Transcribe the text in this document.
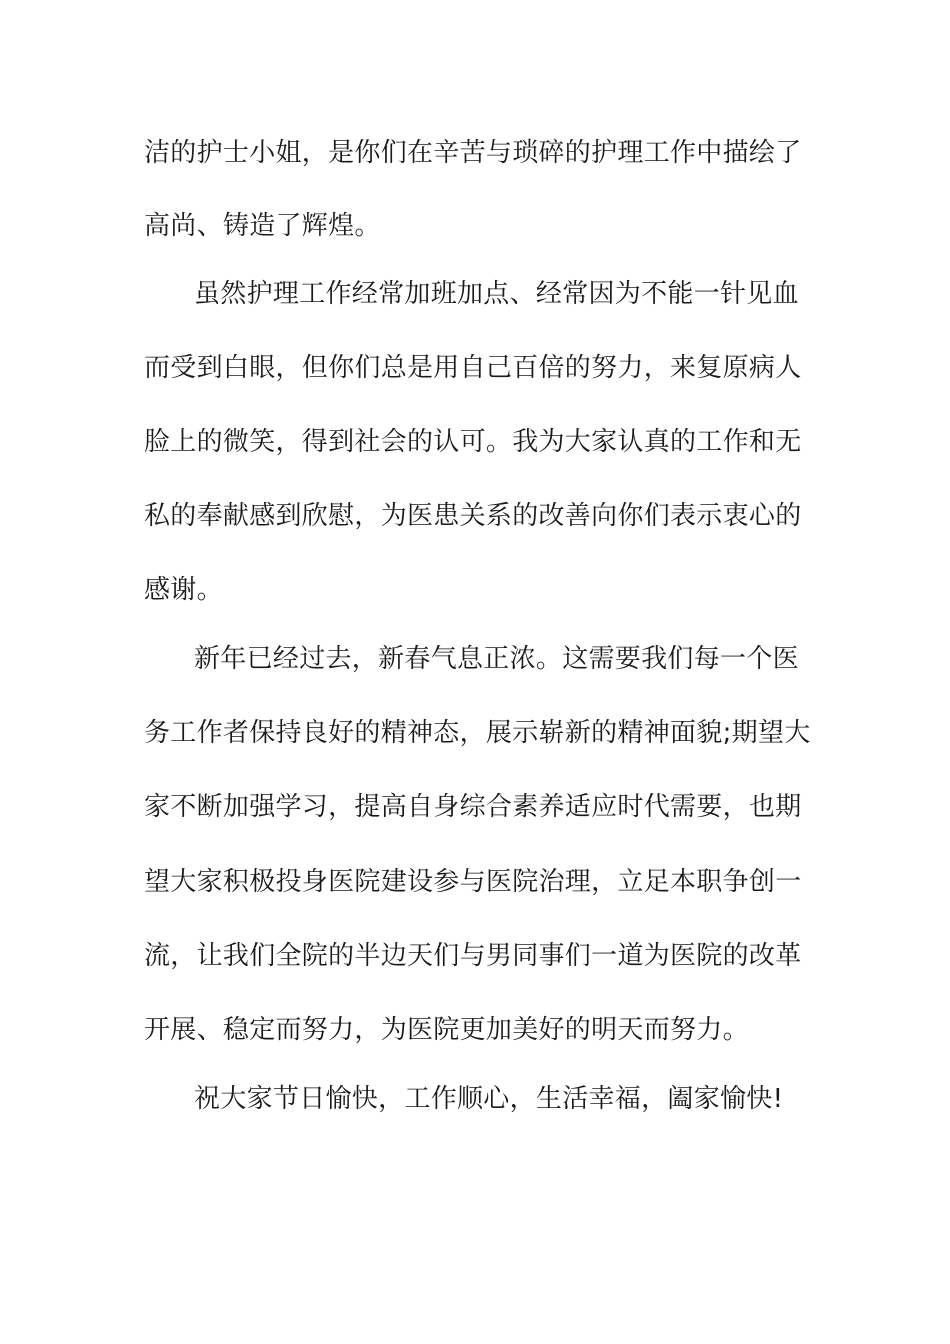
洁的护士小姐，是你们在辛苦与琐碎的护理工作中描绘了

高尚、铸造了辉煌。

虽然护理工作经常加班加点、经常因为不能一针见血

而受到白眼，但你们总是用自己百倍的努力，来复原病人

脸上的微笑，得到社会的认可。我为大家认真的工作和无

私的奉献感到欣慰，为医患关系的改善向你们表示衷心的

感谢。

新年已经过去，新春气息正浓。这需要我们每一个医

务工作者保持良好的精神态，展示崭新的精神面貌;期望大

家不断加强学习，提高自身综合素养适应时代需要，也期

望大家积极投身医院建设参与医院治理，立足本职争创一

流，让我们全院的半边天们与男同事们一道为医院的改革

开展、稳定而努力，为医院更加美好的明天而努力。

祝大家节日愉快，工作顺心，生活幸福，阖家愉快!
